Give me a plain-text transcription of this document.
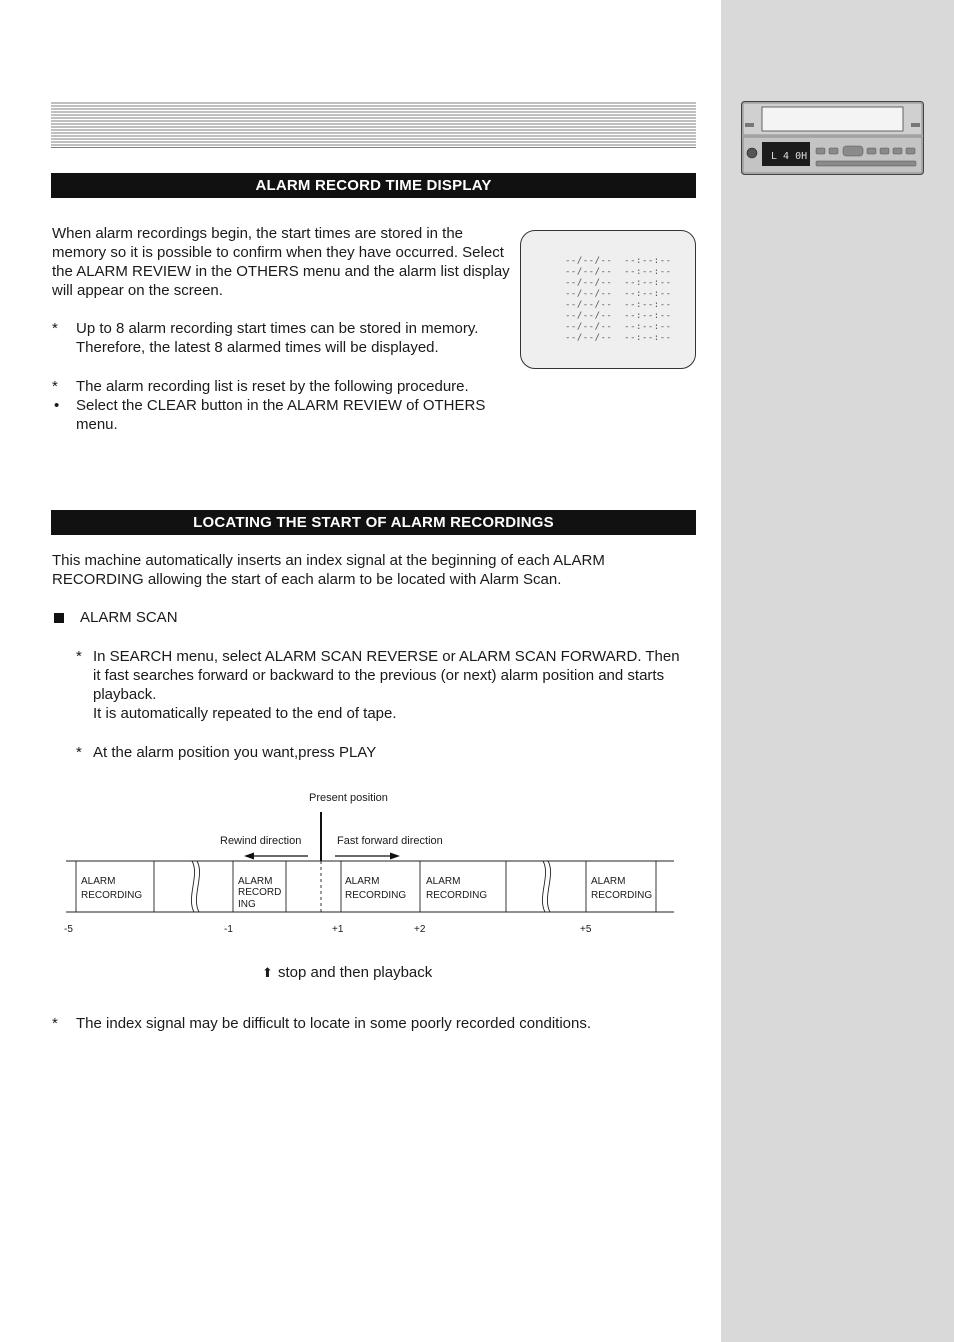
L 4 0H
ALARM RECORD TIME DISPLAY

When alarm recordings begin, the start times are stored in the memory so it is possible to confirm when they have occurred. Select the ALARM REVIEW in the OTHERS menu and the alarm list display will appear on the screen.

* Up to 8 alarm recording start times can be stored in memory. Therefore, the latest 8 alarmed times will be displayed.
* The alarm recording list is reset by the following procedure.
• Select the CLEAR button in the ALARM REVIEW of OTHERS menu.
--/--/--  --:--:--
--/--/--  --:--:--
--/--/--  --:--:--
--/--/--  --:--:--
--/--/--  --:--:--
--/--/--  --:--:--
--/--/--  --:--:--
--/--/--  --:--:--
LOCATING THE START OF ALARM RECORDINGS

This machine automatically inserts an index signal at the beginning of each ALARM RECORDING allowing the start of each alarm to be located with Alarm Scan.

ALARM SCAN
* In SEARCH menu, select ALARM SCAN REVERSE or ALARM SCAN FORWARD. Then it fast searches forward or backward to the previous (or next) alarm position and starts playback.
It is automatically repeated to the end of tape.
* At the alarm position you want,press PLAY
Present position
Rewind direction	Fast forward direction
ALARM
RECORDING
ALARM
RECORD
ING
ALARM
RECORDING
ALARM
RECORDING
ALARM
RECORDING
-5	-1	+1	+2	+5
⬆ stop and then playback
* The index signal may be difficult to locate in some poorly recorded conditions.
